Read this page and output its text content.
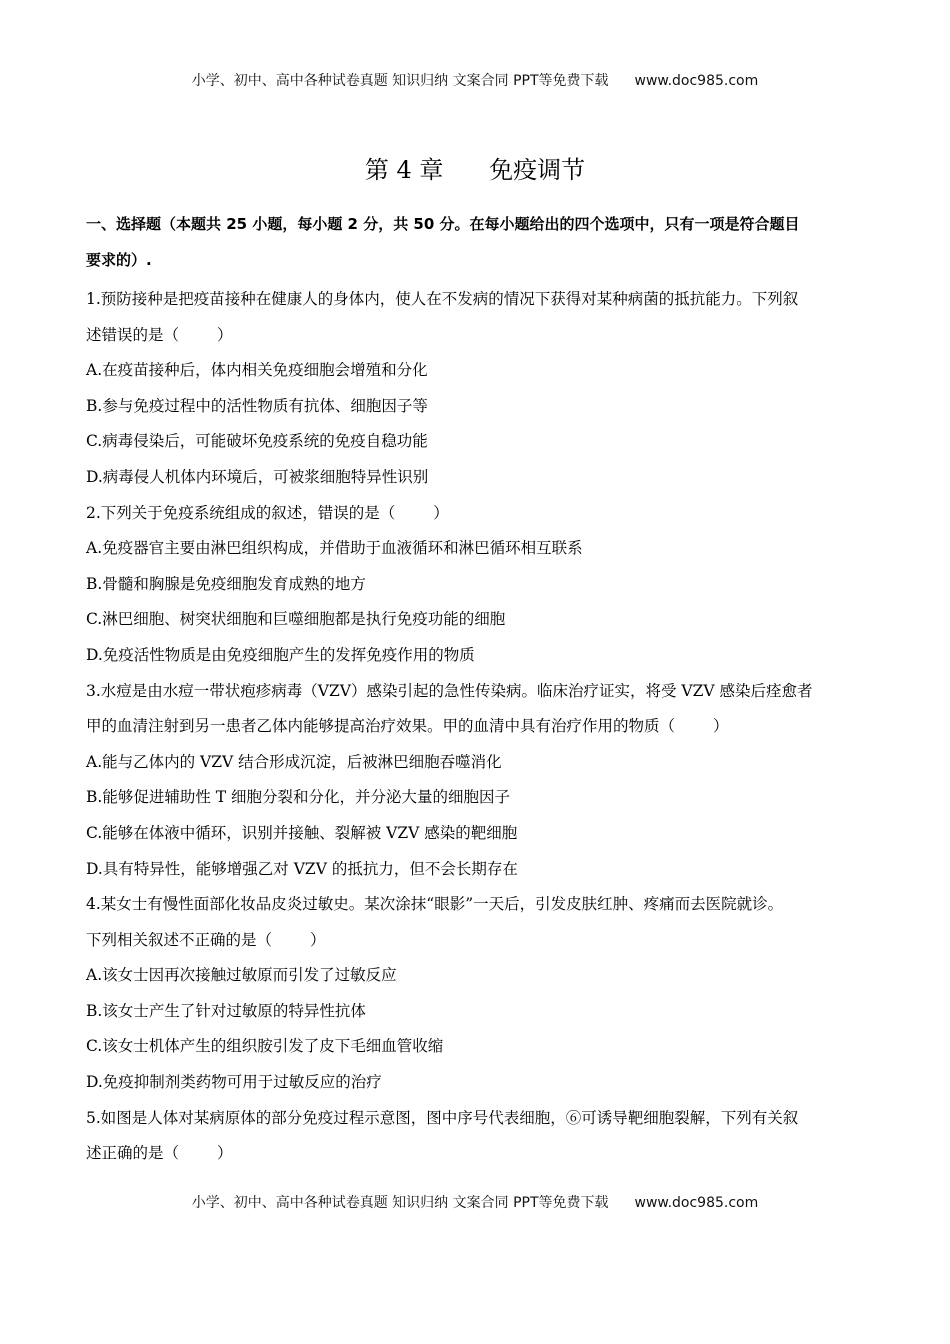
小学、初中、高中各种试卷真题 知识归纳 文案合同 PPT等免费下载 www.doc985.com
第 4 章      免疫调节
一、选择题（本题共 25 小题，每小题 2 分，共 50 分。在每小题给出的四个选项中，只有一项是符合题目
要求的）.
1.预防接种是把疫苗接种在健康人的身体内，使人在不发病的情况下获得对某种病菌的抵抗能力。下列叙
述错误的是（ ）
A.在疫苗接种后，体内相关免疫细胞会增殖和分化
B.参与免疫过程中的活性物质有抗体、细胞因子等
C.病毒侵染后，可能破坏免疫系统的免疫自稳功能
D.病毒侵人机体内环境后，可被浆细胞特异性识别
2.下列关于免疫系统组成的叙述，错误的是（ ）
A.免疫器官主要由淋巴组织构成，并借助于血液循环和淋巴循环相互联系
B.骨髓和胸腺是免疫细胞发育成熟的地方
C.淋巴细胞、树突状细胞和巨噬细胞都是执行免疫功能的细胞
D.免疫活性物质是由免疫细胞产生的发挥免疫作用的物质
3.水痘是由水痘一带状疱疹病毒（VZV）感染引起的急性传染病。临床治疗证实，将受 VZV 感染后痊愈者
甲的血清注射到另一患者乙体内能够提高治疗效果。甲的血清中具有治疗作用的物质（ ）
A.能与乙体内的 VZV 结合形成沉淀，后被淋巴细胞吞噬消化
B.能够促进辅助性 T 细胞分裂和分化，并分泌大量的细胞因子
C.能够在体液中循环，识别并接触、裂解被 VZV 感染的靶细胞
D.具有特异性，能够增强乙对 VZV 的抵抗力，但不会长期存在
4.某女士有慢性面部化妆品皮炎过敏史。某次涂抹“眼影”一天后，引发皮肤红肿、疼痛而去医院就诊。
下列相关叙述不正确的是（ ）
A.该女士因再次接触过敏原而引发了过敏反应
B.该女士产生了针对过敏原的特异性抗体
C.该女士机体产生的组织胺引发了皮下毛细血管收缩
D.免疫抑制剂类药物可用于过敏反应的治疗
5.如图是人体对某病原体的部分免疫过程示意图，图中序号代表细胞，⑥可诱导靶细胞裂解，下列有关叙
述正确的是（ ）
小学、初中、高中各种试卷真题 知识归纳 文案合同 PPT等免费下载 www.doc985.com
